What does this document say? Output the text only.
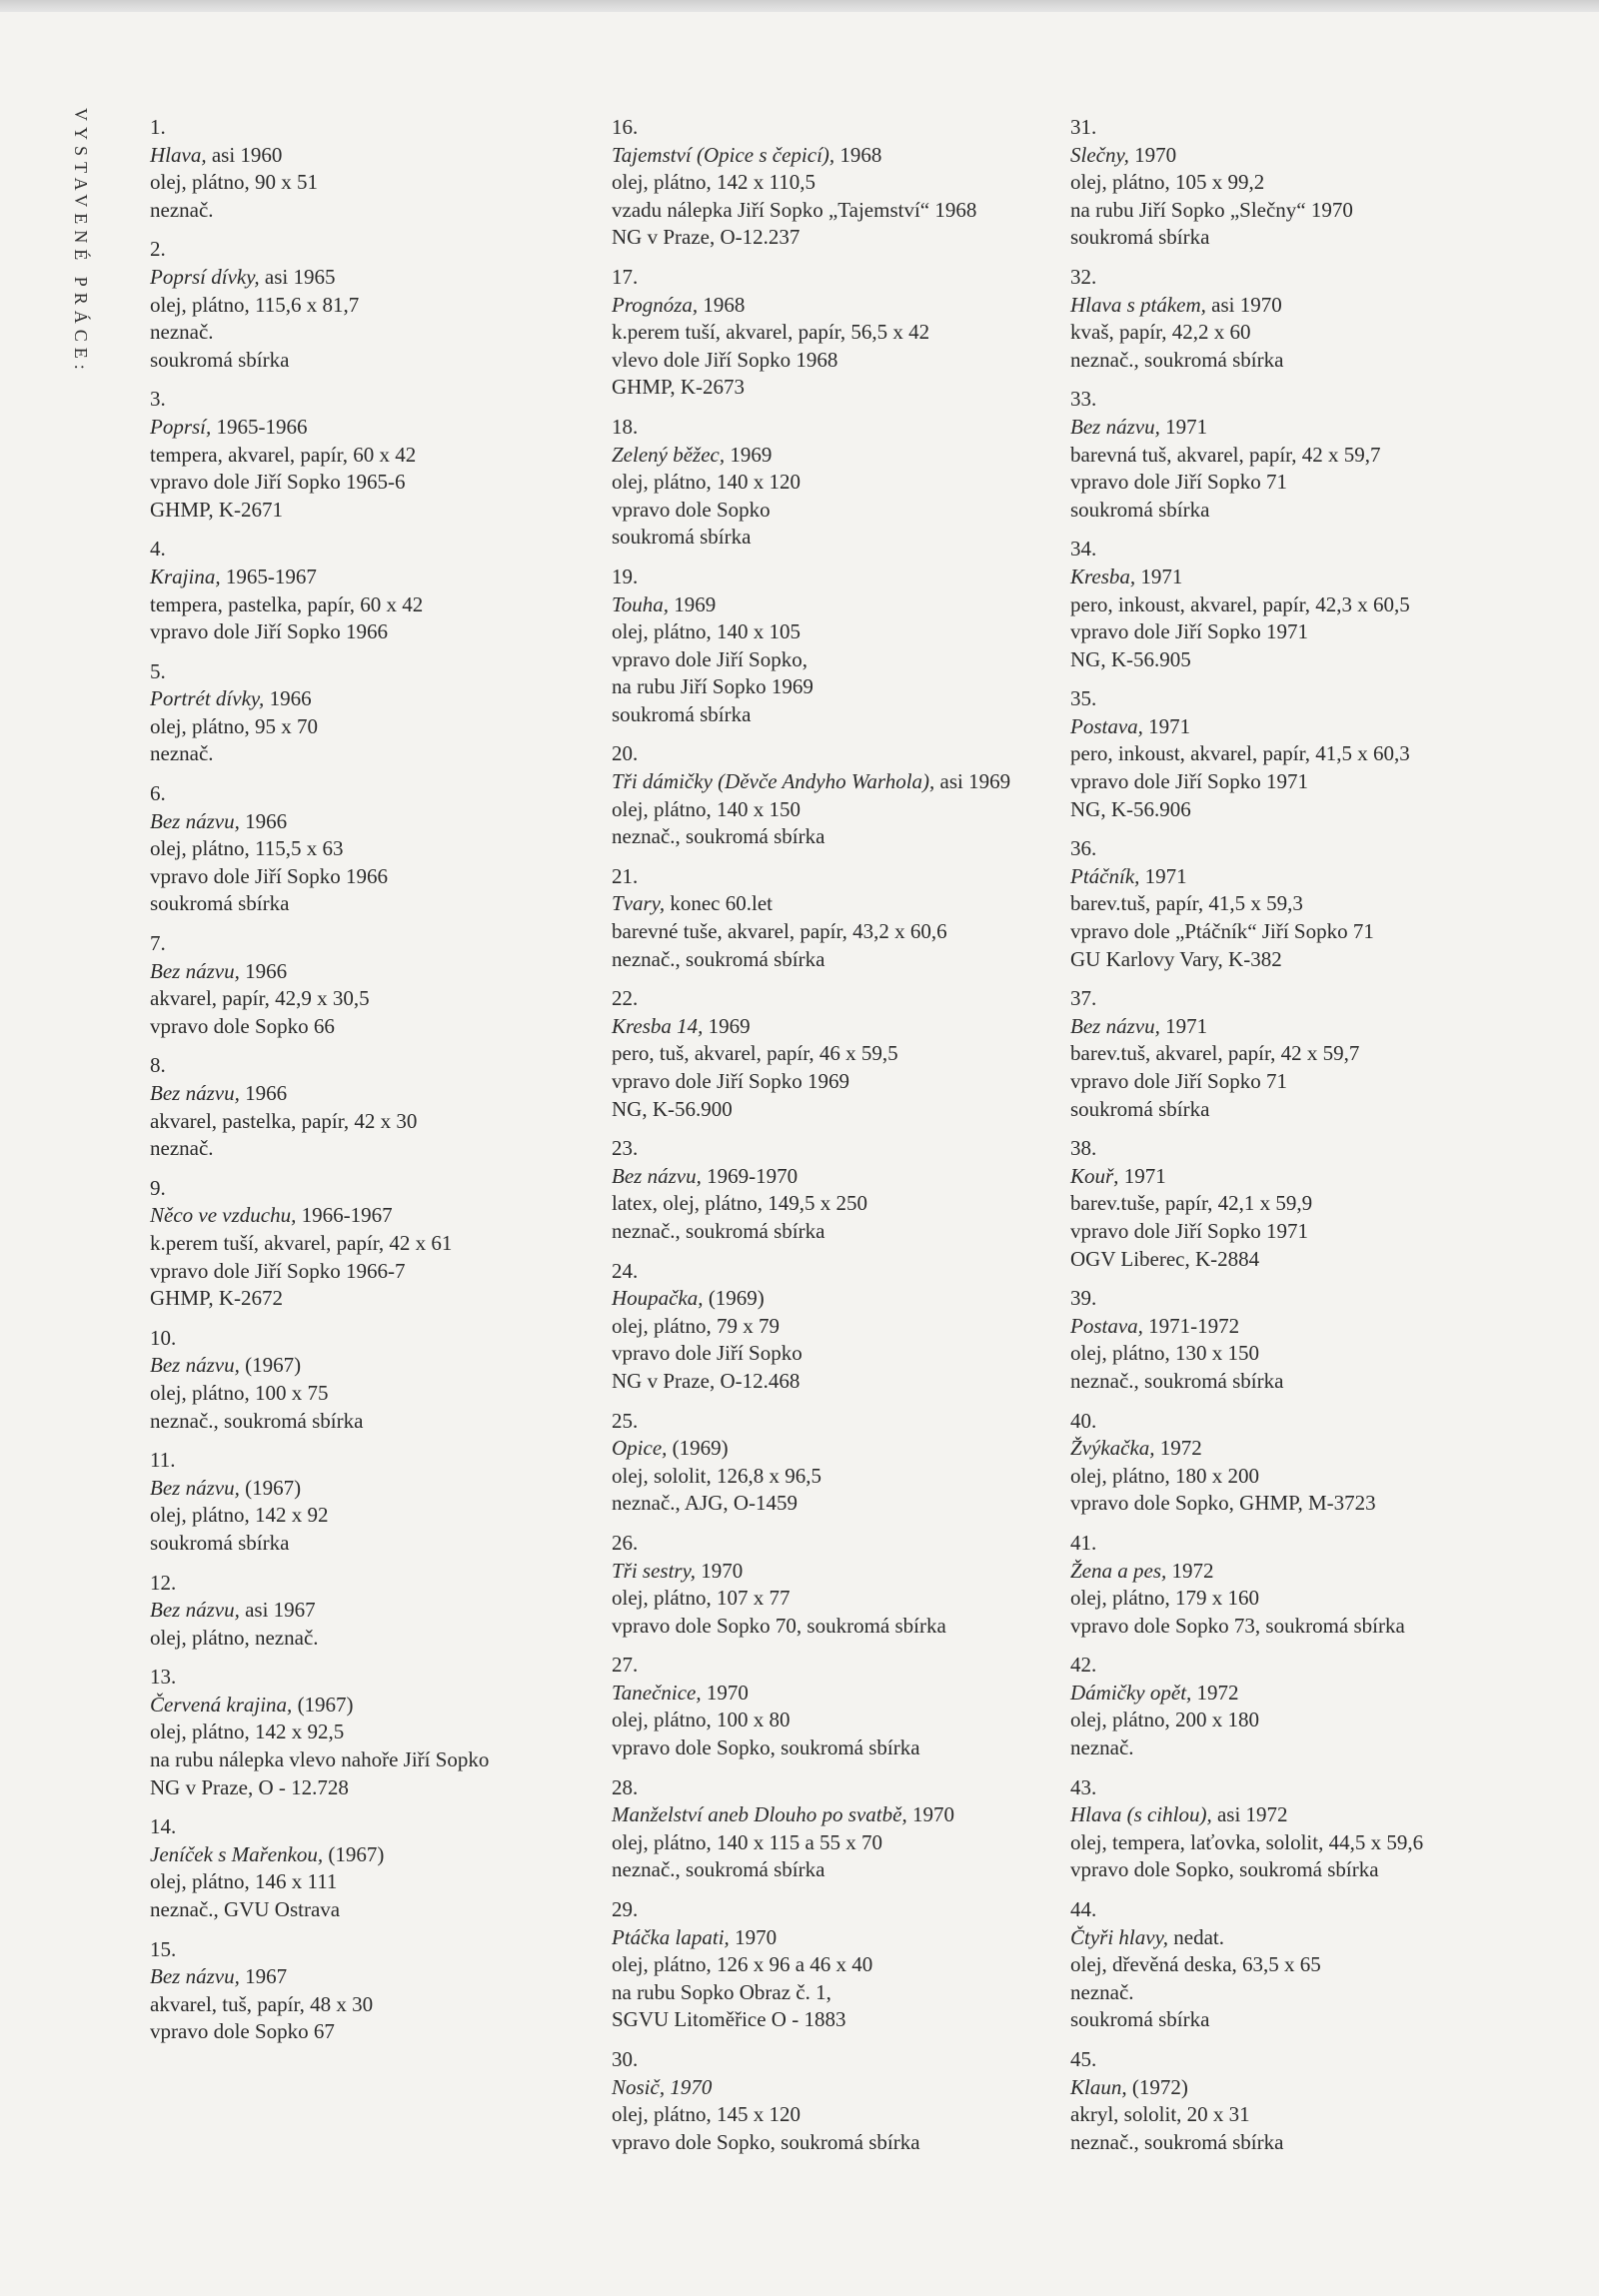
VYSTAVENÉ PRÁCE:	1.
Hlava, asi 1960
olej, plátno, 90 x 51
neznač.
2.
Poprsí dívky, asi 1965
olej, plátno, 115,6 x 81,7
neznač.
soukromá sbírka
3.
Poprsí, 1965-1966
tempera, akvarel, papír, 60 x 42
vpravo dole Jiří Sopko 1965-6
GHMP, K-2671
4.
Krajina, 1965-1967
tempera, pastelka, papír, 60 x 42
vpravo dole Jiří Sopko 1966
5.
Portrét dívky, 1966
olej, plátno, 95 x 70
neznač.
6.
Bez názvu, 1966
olej, plátno, 115,5 x 63
vpravo dole Jiří Sopko 1966
soukromá sbírka
7.
Bez názvu, 1966
akvarel, papír, 42,9 x 30,5
vpravo dole Sopko 66
8.
Bez názvu, 1966
akvarel, pastelka, papír, 42 x 30
neznač.
9.
Něco ve vzduchu, 1966-1967
k.perem tuší, akvarel, papír, 42 x 61
vpravo dole Jiří Sopko 1966-7
GHMP, K-2672
10.
Bez názvu, (1967)
olej, plátno, 100 x 75
neznač., soukromá sbírka
11.
Bez názvu, (1967)
olej, plátno, 142 x 92
soukromá sbírka
12.
Bez názvu, asi 1967
olej, plátno, neznač.
13.
Červená krajina, (1967)
olej, plátno, 142 x 92,5
na rubu nálepka vlevo nahoře Jiří Sopko
NG v Praze, O - 12.728
14.
Jeníček s Mařenkou, (1967)
olej, plátno, 146 x 111
neznač., GVU Ostrava
15.
Bez názvu, 1967
akvarel, tuš, papír, 48 x 30
vpravo dole Sopko 67
16.
Tajemství (Opice s čepicí), 1968
olej, plátno, 142 x 110,5
vzadu nálepka Jiří Sopko „Tajemství“ 1968
NG v Praze, O-12.237
17.
Prognóza, 1968
k.perem tuší, akvarel, papír, 56,5 x 42
vlevo dole Jiří Sopko 1968
GHMP, K-2673
18.
Zelený běžec, 1969
olej, plátno, 140 x 120
vpravo dole Sopko
soukromá sbírka
19.
Touha, 1969
olej, plátno, 140 x 105
vpravo dole Jiří Sopko,
na rubu Jiří Sopko 1969
soukromá sbírka
20.
Tři dámičky (Děvče Andyho Warhola), asi 1969
olej, plátno, 140 x 150
neznač., soukromá sbírka
21.
Tvary, konec 60.let
barevné tuše, akvarel, papír, 43,2 x 60,6
neznač., soukromá sbírka
22.
Kresba 14, 1969
pero, tuš, akvarel, papír, 46 x 59,5
vpravo dole Jiří Sopko 1969
NG, K-56.900
23.
Bez názvu, 1969-1970
latex, olej, plátno, 149,5 x 250
neznač., soukromá sbírka
24.
Houpačka, (1969)
olej, plátno, 79 x 79
vpravo dole Jiří Sopko
NG v Praze, O-12.468
25.
Opice, (1969)
olej, sololit, 126,8 x 96,5
neznač., AJG, O-1459
26.
Tři sestry, 1970
olej, plátno, 107 x 77
vpravo dole Sopko 70, soukromá sbírka
27.
Tanečnice, 1970
olej, plátno, 100 x 80
vpravo dole Sopko, soukromá sbírka
28.
Manželství aneb Dlouho po svatbě, 1970
olej, plátno, 140 x 115 a 55 x 70
neznač., soukromá sbírka
29.
Ptáčka lapati, 1970
olej, plátno, 126 x 96 a 46 x 40
na rubu Sopko Obraz č. 1,
SGVU Litoměřice O - 1883
30.
Nosič, 1970
olej, plátno, 145 x 120
vpravo dole Sopko, soukromá sbírka
31.
Slečny, 1970
olej, plátno, 105 x 99,2
na rubu Jiří Sopko „Slečny“ 1970
soukromá sbírka
32.
Hlava s ptákem, asi 1970
kvaš, papír, 42,2 x 60
neznač., soukromá sbírka
33.
Bez názvu, 1971
barevná tuš, akvarel, papír, 42 x 59,7
vpravo dole Jiří Sopko 71
soukromá sbírka
34.
Kresba, 1971
pero, inkoust, akvarel, papír, 42,3 x 60,5
vpravo dole Jiří Sopko 1971
NG, K-56.905
35.
Postava, 1971
pero, inkoust, akvarel, papír, 41,5 x 60,3
vpravo dole Jiří Sopko 1971
NG, K-56.906
36.
Ptáčník, 1971
barev.tuš, papír, 41,5 x 59,3
vpravo dole „Ptáčník“ Jiří Sopko 71
GU Karlovy Vary, K-382
37.
Bez názvu, 1971
barev.tuš, akvarel, papír, 42 x 59,7
vpravo dole Jiří Sopko 71
soukromá sbírka
38.
Kouř, 1971
barev.tuše, papír, 42,1 x 59,9
vpravo dole Jiří Sopko 1971
OGV Liberec, K-2884
39.
Postava, 1971-1972
olej, plátno, 130 x 150
neznač., soukromá sbírka
40.
Žvýkačka, 1972
olej, plátno, 180 x 200
vpravo dole Sopko, GHMP, M-3723
41.
Žena a pes, 1972
olej, plátno, 179 x 160
vpravo dole Sopko 73, soukromá sbírka
42.
Dámičky opět, 1972
olej, plátno, 200 x 180
neznač.
43.
Hlava (s cihlou), asi 1972
olej, tempera, laťovka, sololit, 44,5 x 59,6
vpravo dole Sopko, soukromá sbírka
44.
Čtyři hlavy, nedat.
olej, dřevěná deska, 63,5 x 65
neznač.
soukromá sbírka
45.
Klaun, (1972)
akryl, sololit, 20 x 31
neznač., soukromá sbírka
